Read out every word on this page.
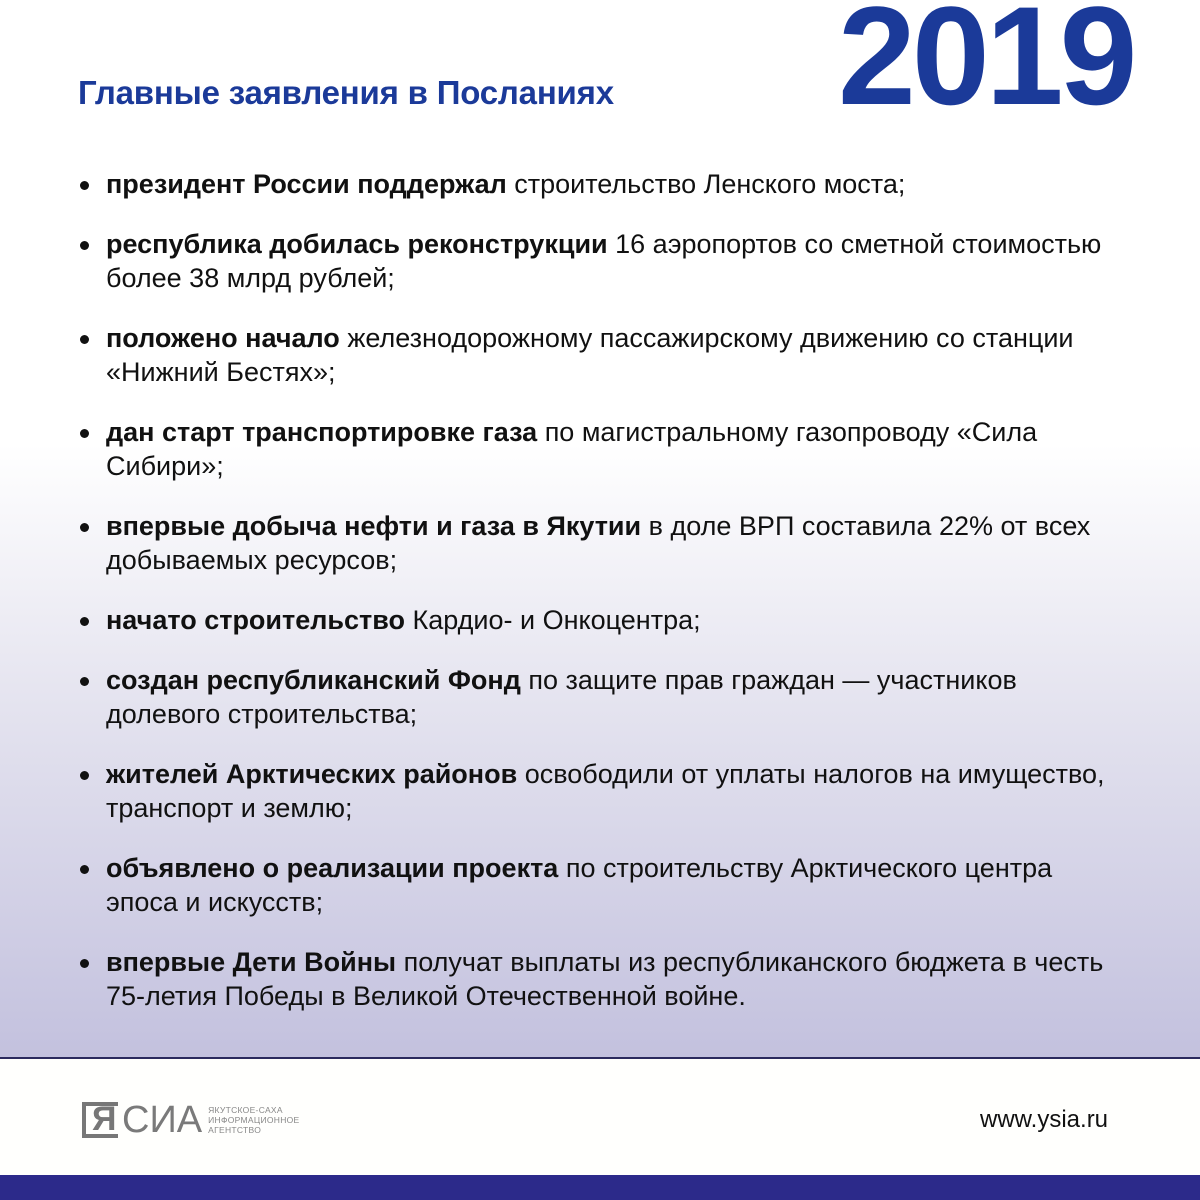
2019
Главные заявления в Посланиях
президент России поддержал строительство Ленского моста;
республика добилась реконструкции 16 аэропортов со сметной стоимостью более 38 млрд рублей;
положено начало железнодорожному пассажирскому движению со станции «Нижний Бестях»;
дан старт транспортировке газа по магистральному газопроводу «Сила Сибири»;
впервые добыча нефти и газа в Якутии в доле ВРП составила 22% от всех добываемых ресурсов;
начато строительство Кардио- и Онкоцентра;
создан республиканский Фонд по защите прав граждан — участников долевого строительства;
жителей Арктических районов освободили от уплаты налогов на имущество, транспорт и землю;
объявлено о реализации проекта по строительству Арктического центра эпоса и искусств;
впервые Дети Войны получат выплаты из республиканского бюджета в честь 75-летия Победы в Великой Отечественной войне.
Я СИА ЯКУТСКОЕ-САХА
ИНФОРМАЦИОННОЕ
АГЕНТСТВО	www.ysia.ru
